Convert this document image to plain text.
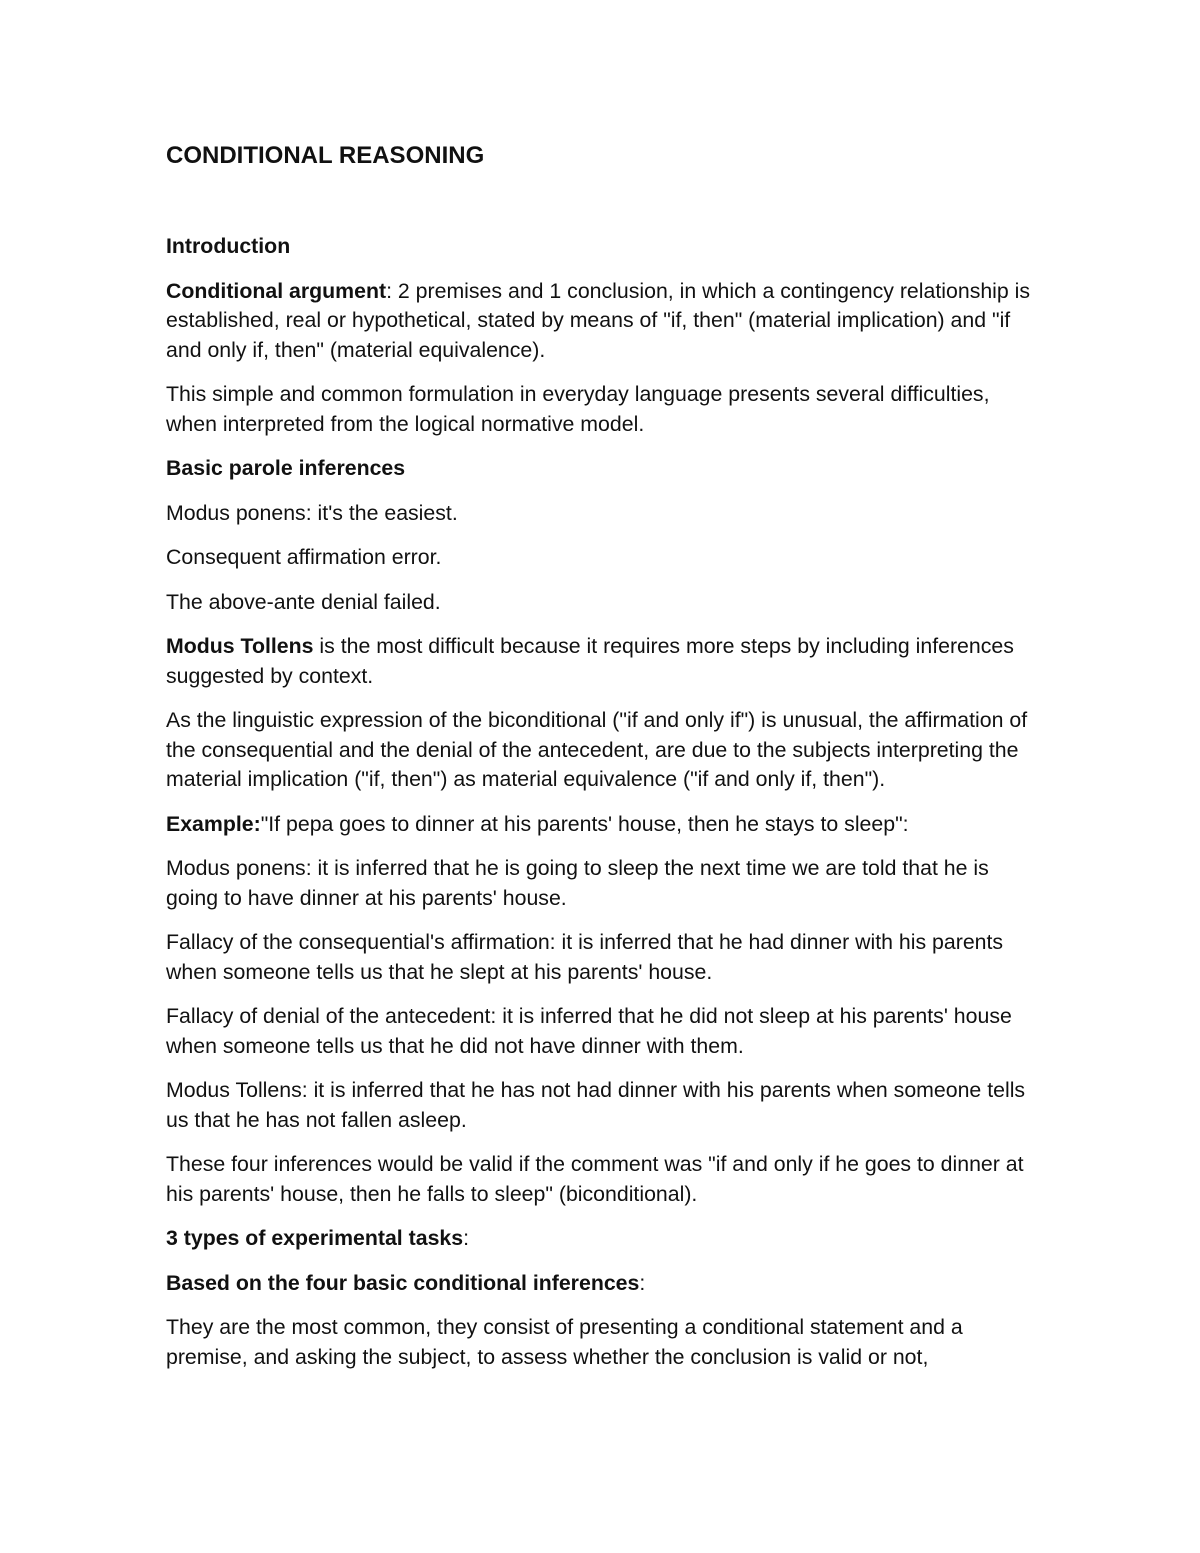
CONDITIONAL REASONING
Introduction
Conditional argument: 2 premises and 1 conclusion, in which a contingency relationship is established, real or hypothetical, stated by means of "if, then" (material implication) and "if and only if, then" (material equivalence).
This simple and common formulation in everyday language presents several difficulties, when interpreted from the logical normative model.
Basic parole inferences
Modus ponens: it's the easiest.
Consequent affirmation error.
The above-ante denial failed.
Modus Tollens is the most difficult because it requires more steps by including inferences suggested by context.
As the linguistic expression of the biconditional ("if and only if") is unusual, the affirmation of the consequential and the denial of the antecedent, are due to the subjects interpreting the material implication ("if, then") as material equivalence ("if and only if, then").
Example:"If pepa goes to dinner at his parents' house, then he stays to sleep":
Modus ponens: it is inferred that he is going to sleep the next time we are told that he is going to have dinner at his parents' house.
Fallacy of the consequential's affirmation: it is inferred that he had dinner with his parents when someone tells us that he slept at his parents' house.
Fallacy of denial of the antecedent: it is inferred that he did not sleep at his parents' house when someone tells us that he did not have dinner with them.
Modus Tollens: it is inferred that he has not had dinner with his parents when someone tells us that he has not fallen asleep.
These four inferences would be valid if the comment was "if and only if he goes to dinner at his parents' house, then he falls to sleep" (biconditional).
3 types of experimental tasks:
Based on the four basic conditional inferences:
They are the most common, they consist of presenting a conditional statement and a premise, and asking the subject, to assess whether the conclusion is valid or not,
